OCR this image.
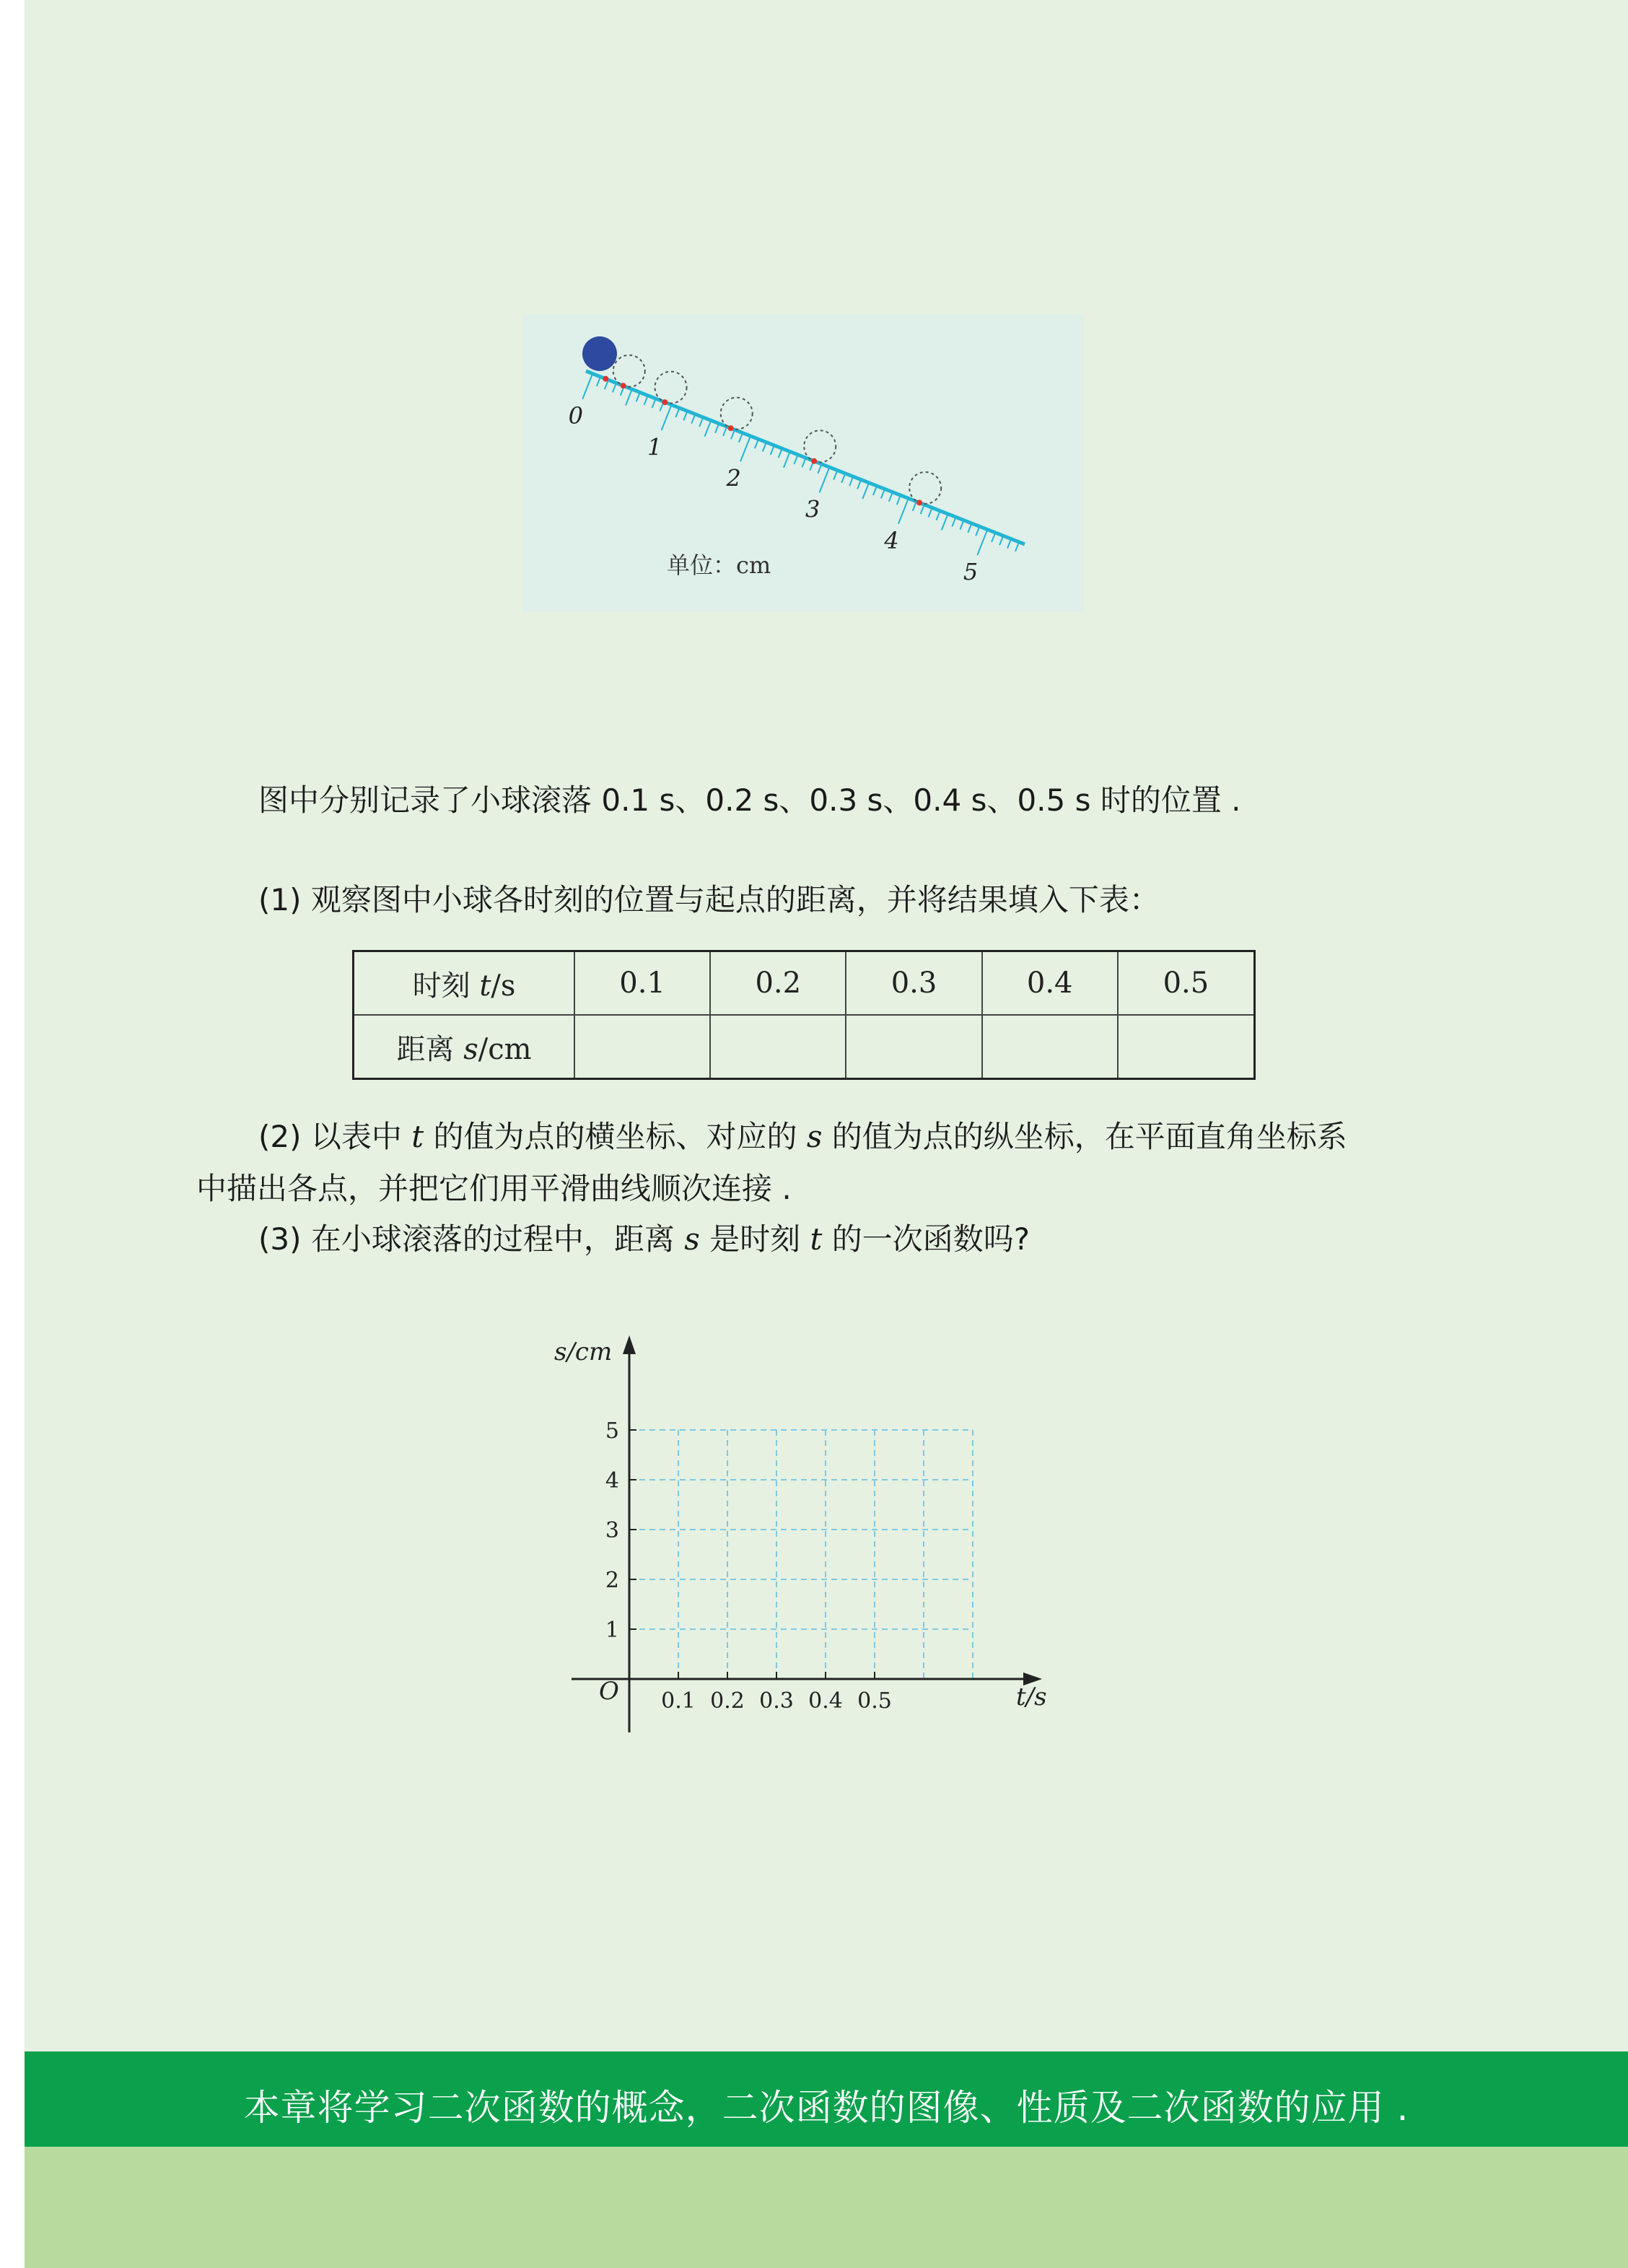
0
1
2
3
4
5
单位：cm
图中分别记录了小球滚落 0.1 s、0.2 s、0.3 s、0.4 s、0.5 s 时的位置 .
(1) 观察图中小球各时刻的位置与起点的距离，并将结果填入下表：
时刻 t/s	0.1	0.2	0.3	0.4	0.5
距离 s/cm					
(2) 以表中 t 的值为点的横坐标、对应的 s 的值为点的纵坐标，在平面直角坐标系
中描出各点，并把它们用平滑曲线顺次连接 .
(3) 在小球滚落的过程中，距离 s 是时刻 t 的一次函数吗?
0.1 0.2 0.3 0.4 0.5
1
2
3
4
5
s/cm
t/s
O
本章将学习二次函数的概念，二次函数的图像、性质及二次函数的应用 .
